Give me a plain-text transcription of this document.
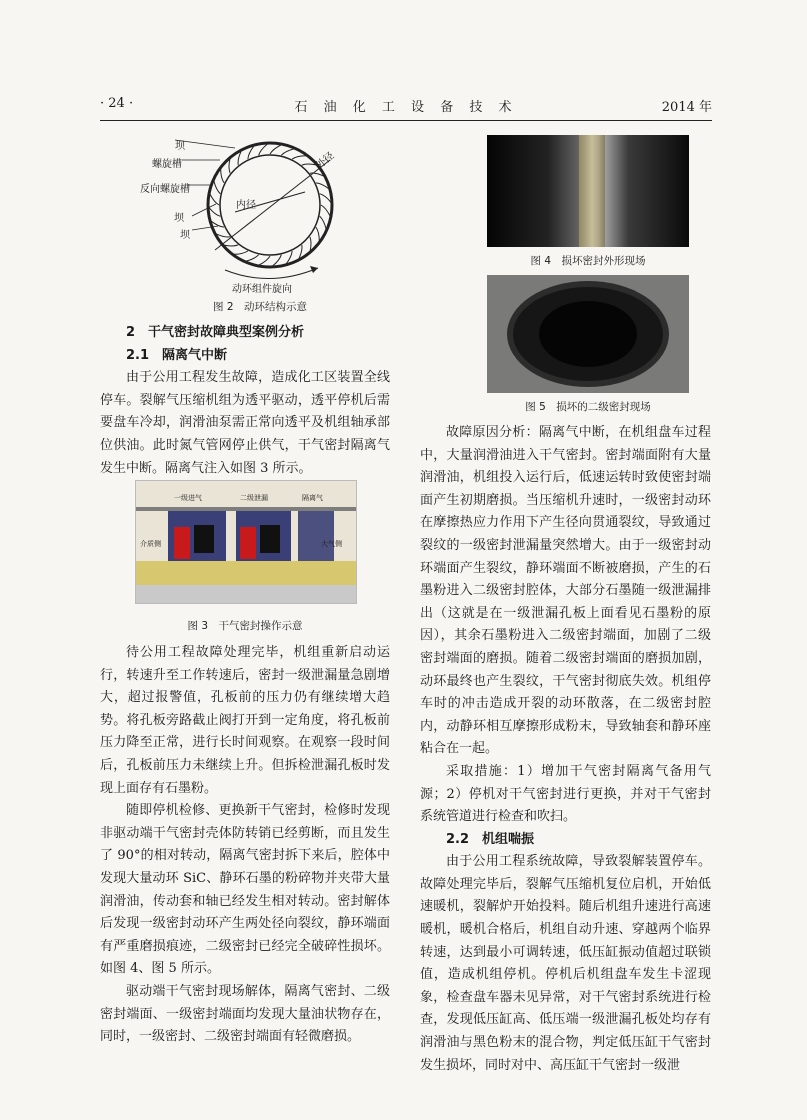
· 24 ·	石 油 化 工 设 备 技 术	2014 年
坝
螺旋槽
反向螺旋槽
内径
外径
坝
坝
动环组件旋向
图 2　动环结构示意

2　干气密封故障典型案例分析

2.1　隔离气中断

由于公用工程发生故障，造成化工区装置全线停车。裂解气压缩机组为透平驱动，透平停机后需要盘车冷却，润滑油泵需正常向透平及机组轴承部位供油。此时氮气管网停止供气，干气密封隔离气发生中断。隔离气注入如图 3 所示。

一级进气	二级泄漏	隔离气
介质侧	大气侧
图 3　干气密封操作示意

待公用工程故障处理完毕，机组重新启动运行，转速升至工作转速后，密封一级泄漏量急剧增大，超过报警值，孔板前的压力仍有继续增大趋势。将孔板旁路截止阀打开到一定角度，将孔板前压力降至正常，进行长时间观察。在观察一段时间后，孔板前压力未继续上升。但拆检泄漏孔板时发现上面存有石墨粉。

随即停机检修、更换新干气密封，检修时发现非驱动端干气密封壳体防转销已经剪断，而且发生了 90°的相对转动，隔离气密封拆下来后，腔体中发现大量动环 SiC、静环石墨的粉碎物并夹带大量润滑油，传动套和轴已经发生相对转动。密封解体后发现一级密封动环产生两处径向裂纹，静环端面有严重磨损痕迹，二级密封已经完全破碎性损坏。如图 4、图 5 所示。

驱动端干气密封现场解体，隔离气密封、二级密封端面、一级密封端面均发现大量油状物存在，同时，一级密封、二级密封端面有轻微磨损。

图 4　损坏密封外形现场
图 5　损坏的二级密封现场

故障原因分析：隔离气中断，在机组盘车过程中，大量润滑油进入干气密封。密封端面附有大量润滑油，机组投入运行后，低速运转时致使密封端面产生初期磨损。当压缩机升速时，一级密封动环在摩擦热应力作用下产生径向贯通裂纹，导致通过裂纹的一级密封泄漏量突然增大。由于一级密封动环端面产生裂纹，静环端面不断被磨损，产生的石墨粉进入二级密封腔体，大部分石墨随一级泄漏排出（这就是在一级泄漏孔板上面看见石墨粉的原因），其余石墨粉进入二级密封端面，加剧了二级密封端面的磨损。随着二级密封端面的磨损加剧，动环最终也产生裂纹，干气密封彻底失效。机组停车时的冲击造成开裂的动环散落，在二级密封腔内，动静环相互摩擦形成粉末，导致轴套和静环座粘合在一起。

采取措施：1）增加干气密封隔离气备用气源；2）停机对干气密封进行更换，并对干气密封系统管道进行检查和吹扫。

2.2　机组喘振

由于公用工程系统故障，导致裂解装置停车。故障处理完毕后，裂解气压缩机复位启机，开始低速暖机，裂解炉开始投料。随后机组升速进行高速暖机，暖机合格后，机组自动升速、穿越两个临界转速，达到最小可调转速，低压缸振动值超过联锁值，造成机组停机。停机后机组盘车发生卡涩现象，检查盘车器未见异常，对干气密封系统进行检查，发现低压缸高、低压端一级泄漏孔板处均存有润滑油与黑色粉末的混合物，判定低压缸干气密封发生损坏，同时对中、高压缸干气密封一级泄
